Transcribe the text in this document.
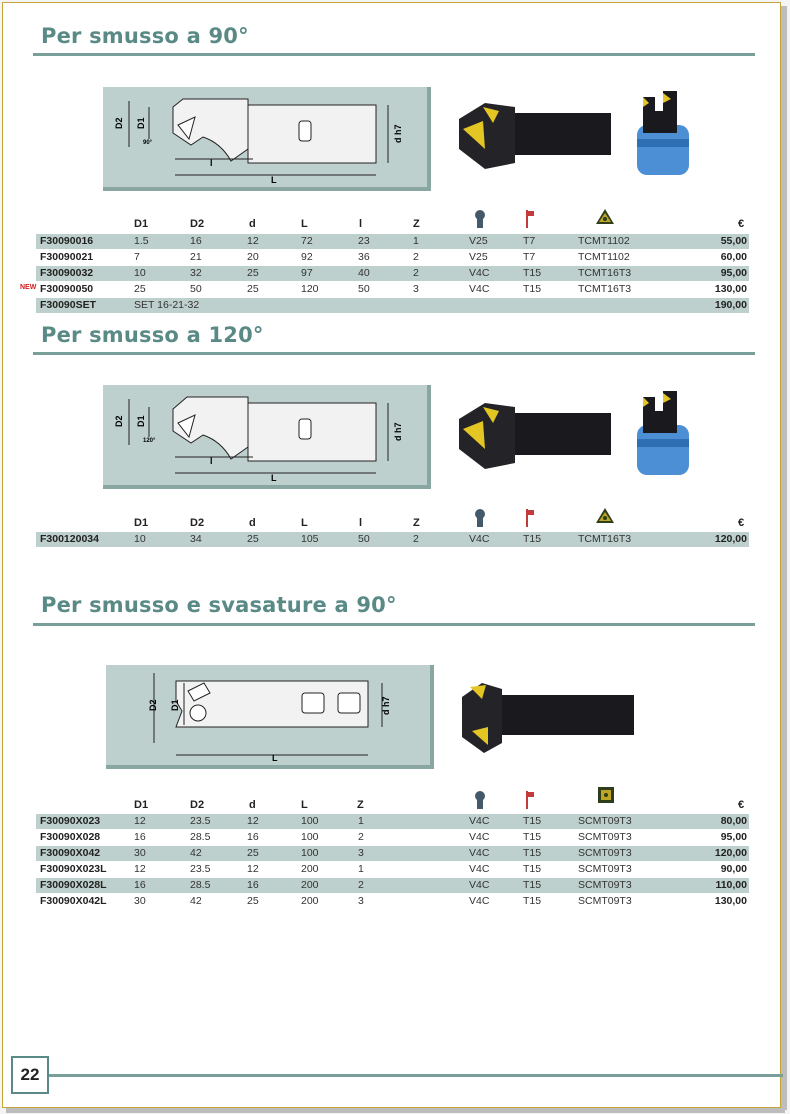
Per smusso a 90°
D2 D1
90°	d h7
l
L
D1	D2	d	L	l	Z	€
F30090016	1.5	16	12	72	23	1	V25	T7	TCMT1102	55,00
F30090021	7	21	20	92	36	2	V25	T7	TCMT1102	60,00
F30090032	10	32	25	97	40	2	V4C	T15	TCMT16T3	95,00
F30090050	25	50	25	120	50	3	V4C	T15	TCMT16T3	130,00
NEW
F30090SET	SET 16-21-32	190,00
Per smusso a 120°
D2 D1
120°	d h7
l
L
D1	D2	d	L	l	Z	€
F300120034	10	34	25	105	50	2	V4C	T15	TCMT16T3	120,00
Per smusso e svasature a 90°
D2 D1	d h7
L
D1	D2	d	L	Z	€
F30090X023	12	23.5	12	100	1	V4C	T15	SCMT09T3	80,00
F30090X028	16	28.5	16	100	2	V4C	T15	SCMT09T3	95,00
F30090X042	30	42	25	100	3	V4C	T15	SCMT09T3	120,00
F30090X023L	12	23.5	12	200	1	V4C	T15	SCMT09T3	90,00
F30090X028L	16	28.5	16	200	2	V4C	T15	SCMT09T3	110,00
F30090X042L	30	42	25	200	3	V4C	T15	SCMT09T3	130,00
22
